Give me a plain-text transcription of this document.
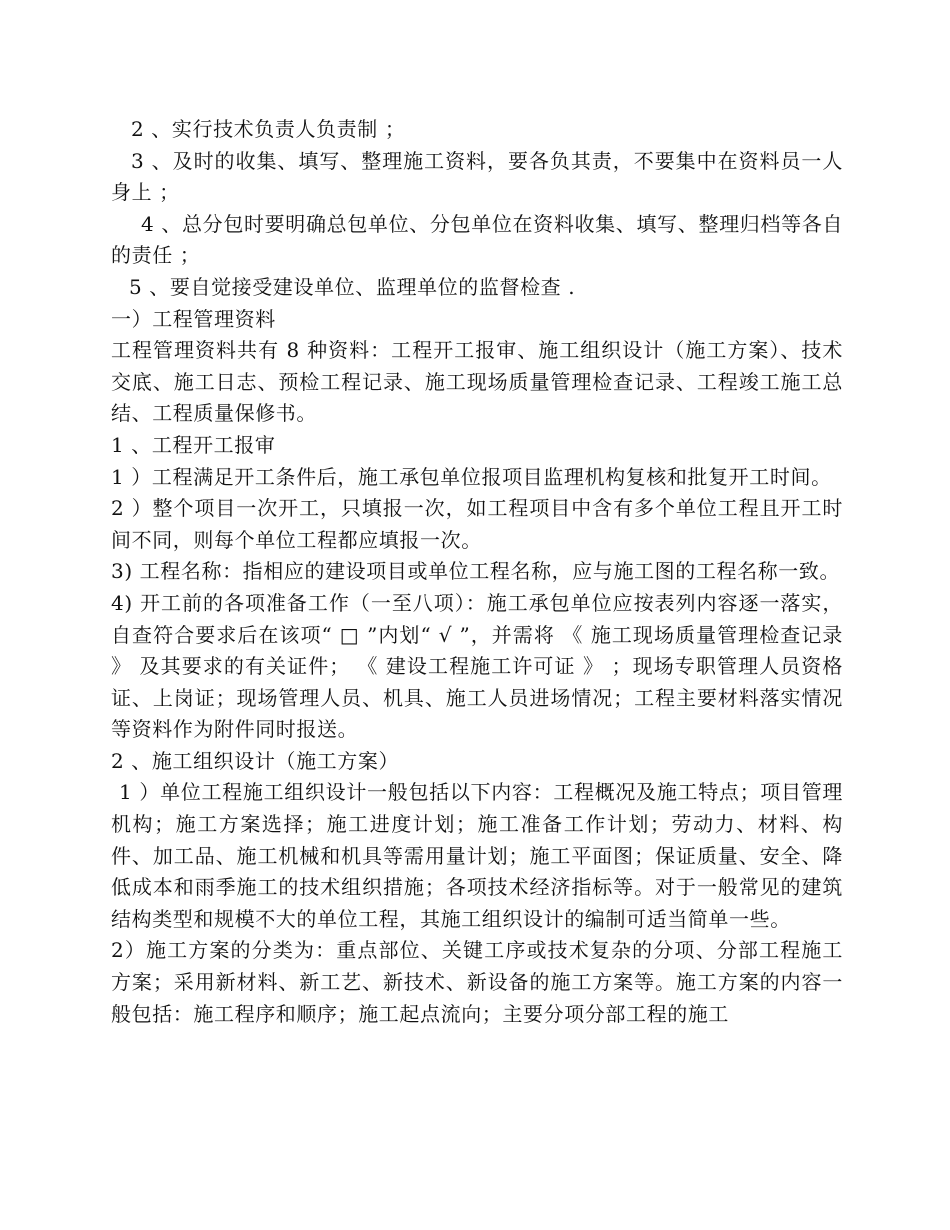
2 、实行技术负责人负责制 ；

3 、及时的收集、填写、整理施工资料，要各负其责，不要集中在资料员一人身上 ；

4 、总分包时要明确总包单位、分包单位在资料收集、填写、整理归档等各自的责任 ；

5 、要自觉接受建设单位、监理单位的监督检查 .

一）工程管理资料

工程管理资料共有 8 种资料：工程开工报审、施工组织设计（施工方案）、技术交底、施工日志、预检工程记录、施工现场质量管理检查记录、工程竣工施工总结、工程质量保修书。

1 、工程开工报审

1 ）工程满足开工条件后，施工承包单位报项目监理机构复核和批复开工时间。

2 ）整个项目一次开工，只填报一次，如工程项目中含有多个单位工程且开工时间不同，则每个单位工程都应填报一次。

3) 工程名称：指相应的建设项目或单位工程名称，应与施工图的工程名称一致。

4) 开工前的各项准备工作（一至八项）：施工承包单位应按表列内容逐一落实，自查符合要求后在该项“ □ ”内划“ √ ”，并需将 《 施工现场质量管理检查记录 》 及其要求的有关证件； 《 建设工程施工许可证 》 ；现场专职管理人员资格证、上岗证；现场管理人员、机具、施工人员进场情况；工程主要材料落实情况等资料作为附件同时报送。

2 、施工组织设计（施工方案）

1 ）单位工程施工组织设计一般包括以下内容：工程概况及施工特点；项目管理机构；施工方案选择；施工进度计划；施工准备工作计划；劳动力、材料、构件、加工品、施工机械和机具等需用量计划；施工平面图；保证质量、安全、降低成本和雨季施工的技术组织措施；各项技术经济指标等。对于一般常见的建筑结构类型和规模不大的单位工程，其施工组织设计的编制可适当简单一些。

2）施工方案的分类为：重点部位、关键工序或技术复杂的分项、分部工程施工方案；采用新材料、新工艺、新技术、新设备的施工方案等。施工方案的内容一般包括：施工程序和顺序；施工起点流向；主要分项分部工程的施工
